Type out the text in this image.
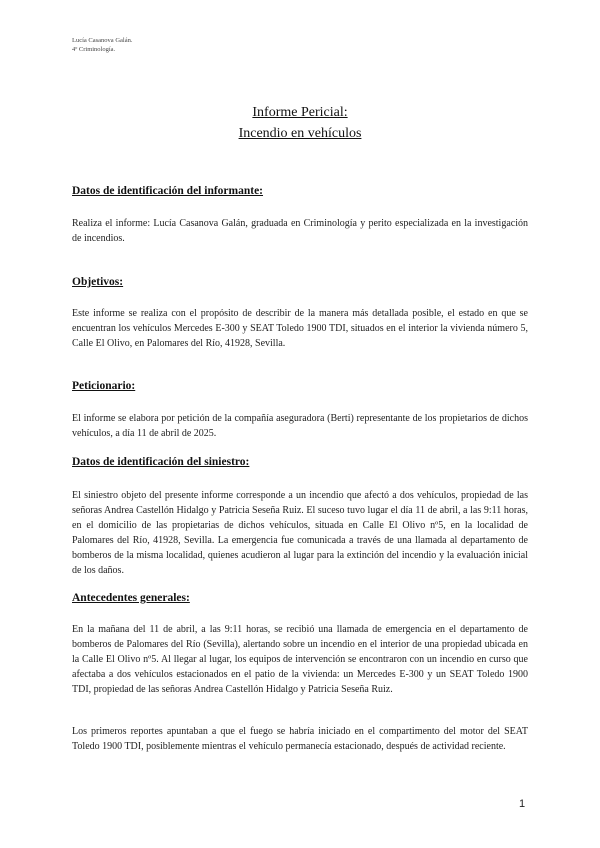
Lucía Casanova Galán.
4º Criminología.
Informe Pericial:
Incendio en vehículos
Datos de identificación del informante:
Realiza el informe: Lucía Casanova Galán, graduada en Criminología y perito especializada en la investigación de incendios.
Objetivos:
Este informe se realiza con el propósito de describir de la manera más detallada posible, el estado en que se encuentran los vehículos Mercedes E-300 y SEAT Toledo 1900 TDI, situados en el interior la vivienda número 5, Calle El Olivo, en Palomares del Río, 41928, Sevilla.
Peticionario:
El informe se elabora por petición de la compañía aseguradora (Berti) representante de los propietarios de dichos vehículos, a día 11 de abril de 2025.
Datos de identificación del siniestro:
El siniestro objeto del presente informe corresponde a un incendio que afectó a dos vehículos, propiedad de las señoras Andrea Castellón Hidalgo y Patricia Seseña Ruiz. El suceso tuvo lugar el día 11 de abril, a las 9:11 horas, en el domicilio de las propietarias de dichos vehículos, situada en Calle El Olivo nº5, en la localidad de Palomares del Río, 41928, Sevilla. La emergencia fue comunicada a través de una llamada al departamento de bomberos de la misma localidad, quienes acudieron al lugar para la extinción del incendio y la evaluación inicial de los daños.
Antecedentes generales:
En la mañana del 11 de abril, a las 9:11 horas, se recibió una llamada de emergencia en el departamento de bomberos de Palomares del Río (Sevilla), alertando sobre un incendio en el interior de una propiedad ubicada en la Calle El Olivo nº5. Al llegar al lugar, los equipos de intervención se encontraron con un incendio en curso que afectaba a dos vehículos estacionados en el patio de la vivienda: un Mercedes E-300 y un SEAT Toledo 1900 TDI, propiedad de las señoras Andrea Castellón Hidalgo y Patricia Seseña Ruiz.
Los primeros reportes apuntaban a que el fuego se habría iniciado en el compartimento del motor del SEAT Toledo 1900 TDI, posiblemente mientras el vehículo permanecía estacionado, después de actividad reciente.
1
